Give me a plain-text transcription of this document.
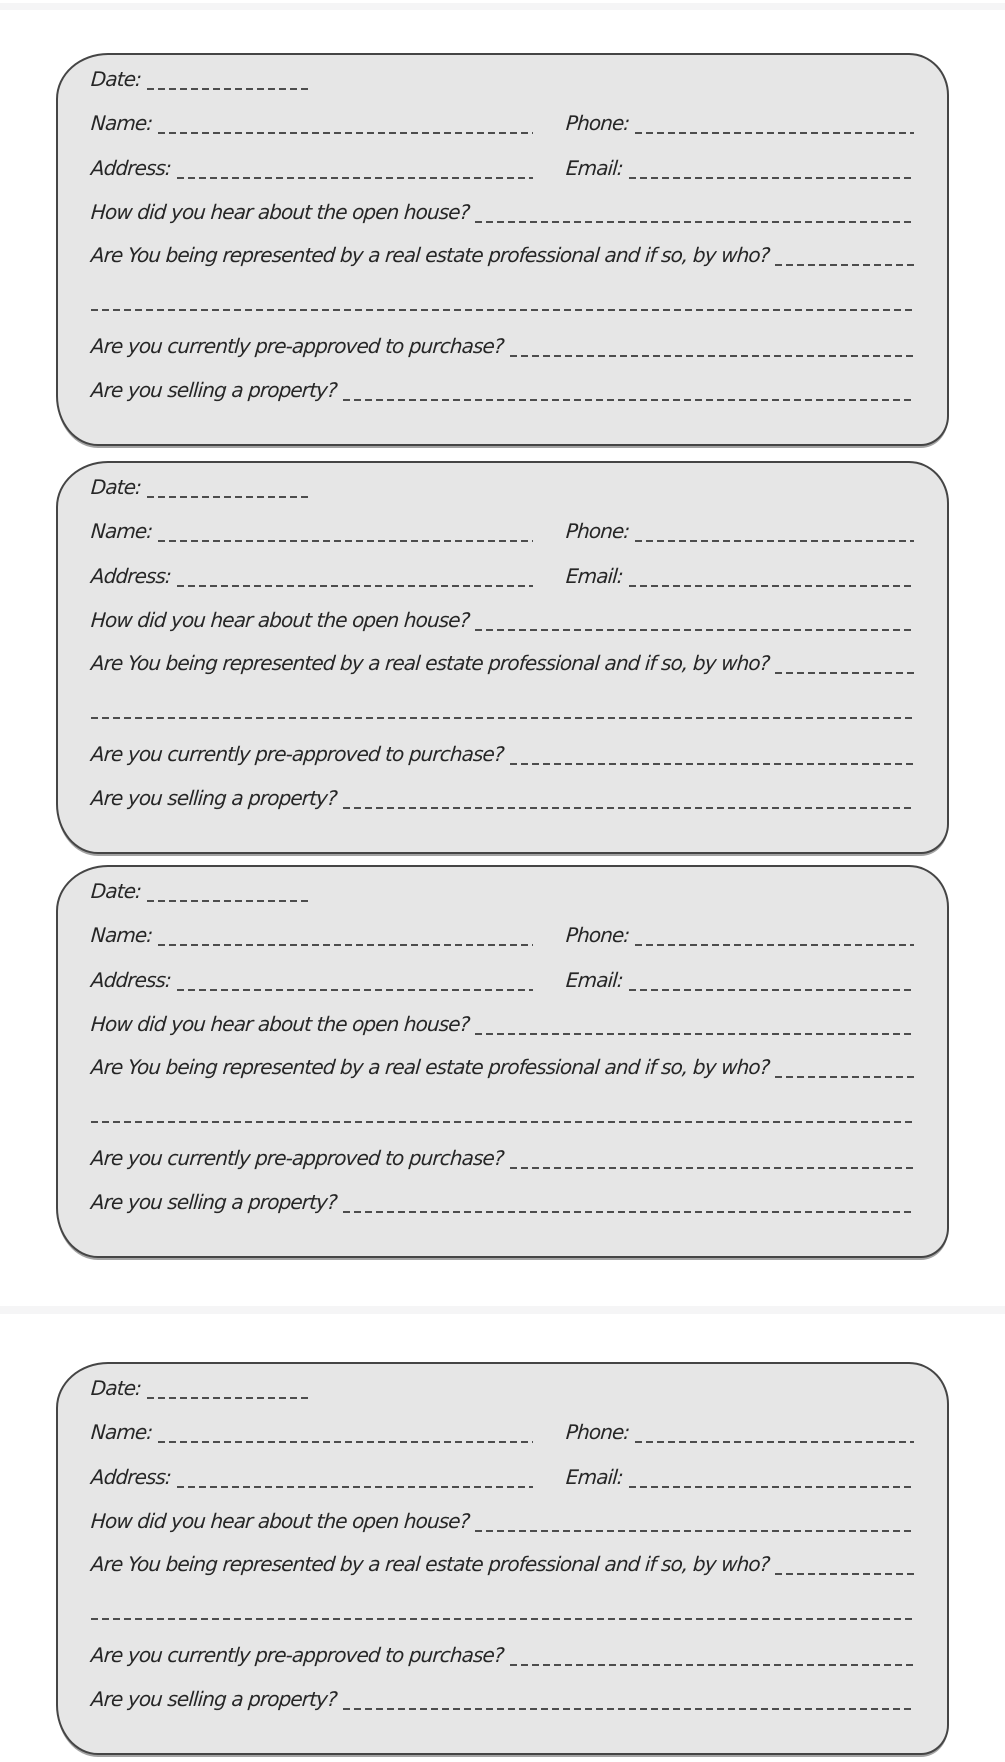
Date:
Name:	Phone:
Address:	Email:
How did you hear about the open house?
Are You being represented by a real estate professional and if so, by who?
Are you currently pre-approved to purchase?
Are you selling a property?
Date:
Name:	Phone:
Address:	Email:
How did you hear about the open house?
Are You being represented by a real estate professional and if so, by who?
Are you currently pre-approved to purchase?
Are you selling a property?
Date:
Name:	Phone:
Address:	Email:
How did you hear about the open house?
Are You being represented by a real estate professional and if so, by who?
Are you currently pre-approved to purchase?
Are you selling a property?
Date:
Name:	Phone:
Address:	Email:
How did you hear about the open house?
Are You being represented by a real estate professional and if so, by who?
Are you currently pre-approved to purchase?
Are you selling a property?
